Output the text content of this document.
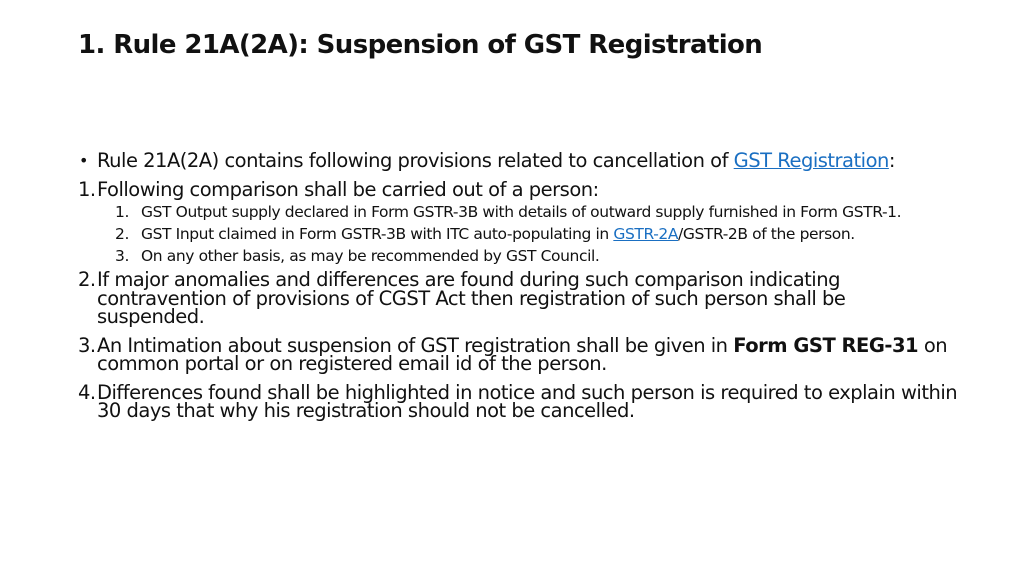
1. Rule 21A(2A): Suspension of GST Registration
• Rule 21A(2A) contains following provisions related to cancellation of GST Registration:
1. Following comparison shall be carried out of a person:
1. GST Output supply declared in Form GSTR-3B with details of outward supply furnished in Form GSTR-1.
2. GST Input claimed in Form GSTR-3B with ITC auto-populating in GSTR-2A/GSTR-2B of the person.
3. On any other basis, as may be recommended by GST Council.
2. If major anomalies and differences are found during such comparison indicating contravention of provisions of CGST Act then registration of such person shall be suspended.
3. An Intimation about suspension of GST registration shall be given in Form GST REG-31 on common portal or on registered email id of the person.
4. Differences found shall be highlighted in notice and such person is required to explain within 30 days that why his registration should not be cancelled.
